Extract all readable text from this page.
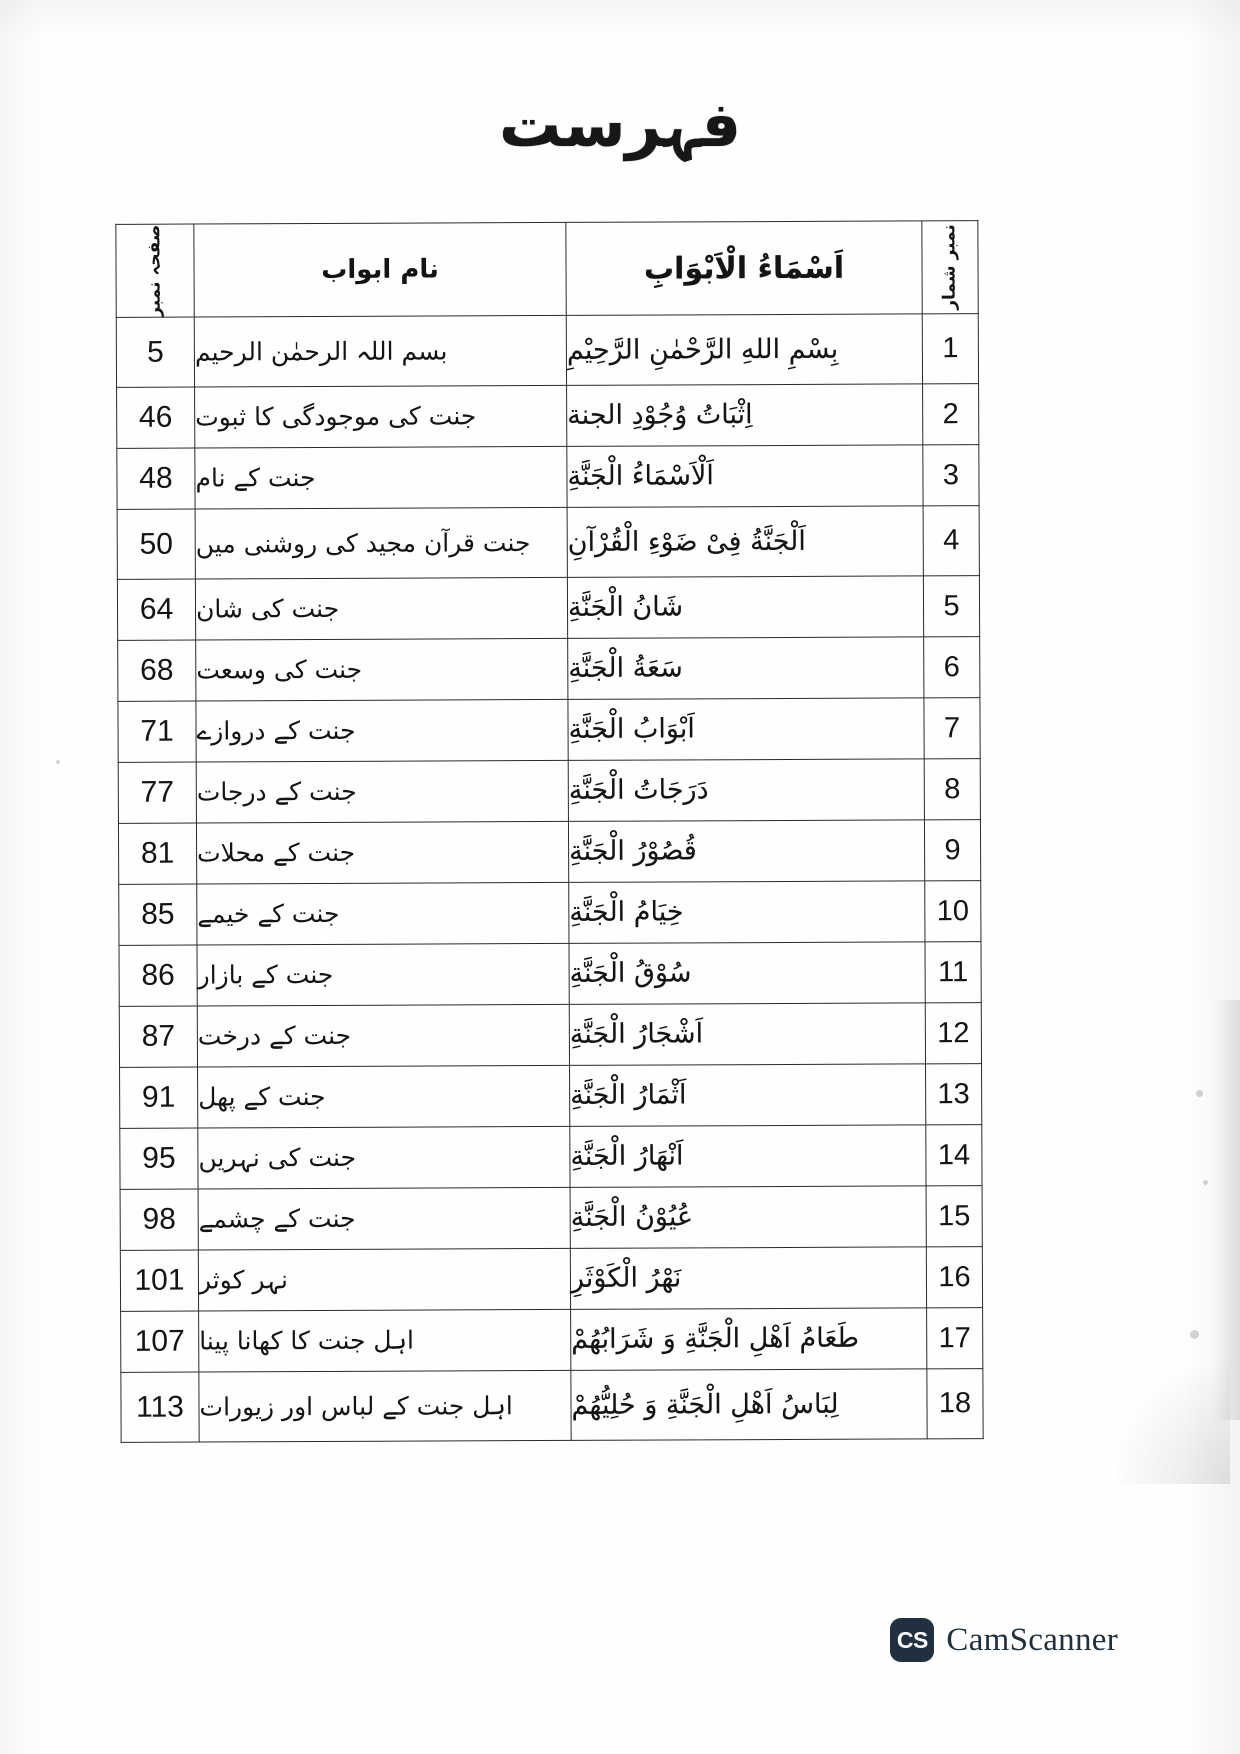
فہرست
نمبر شمار	اَسْمَاءُ الْاَبْوَابِ	نام ابواب	صفحہ نمبر

1	بِسْمِ اللهِ الرَّحْمٰنِ الرَّحِيْمِ	بسم اللہ الرحمٰن الرحیم	5
2	اِثْبَاتُ وُجُوْدِ الجنة	جنت کی موجودگی کا ثبوت	46
3	اَلْاَسْمَاءُ الْجَنَّةِ	جنت کے نام	48
4	اَلْجَنَّةُ فِىْ ضَوْءِ الْقُرْآنِ	جنت قرآن مجید کی روشنی میں	50
5	شَانُ الْجَنَّةِ	جنت کی شان	64
6	سَعَةُ الْجَنَّةِ	جنت کی وسعت	68
7	اَبْوَابُ الْجَنَّةِ	جنت کے دروازے	71
8	دَرَجَاتُ الْجَنَّةِ	جنت کے درجات	77
9	قُصُوْرُ الْجَنَّةِ	جنت کے محلات	81
10	خِيَامُ الْجَنَّةِ	جنت کے خیمے	85
11	سُوْقُ الْجَنَّةِ	جنت کے بازار	86
12	اَشْجَارُ الْجَنَّةِ	جنت کے درخت	87
13	اَثْمَارُ الْجَنَّةِ	جنت کے پھل	91
14	اَنْهَارُ الْجَنَّةِ	جنت کی نہریں	95
15	عُيُوْنُ الْجَنَّةِ	جنت کے چشمے	98
16	نَهْرُ الْكَوْثَرِ	نہر کوثر	101
17	طَعَامُ اَهْلِ الْجَنَّةِ وَ شَرَابُهُمْ	اہل جنت کا کھانا پینا	107
18	لِبَاسُ اَهْلِ الْجَنَّةِ وَ حُلِيُّهُمْ	اہل جنت کے لباس اور زیورات	113
CS CamScanner
